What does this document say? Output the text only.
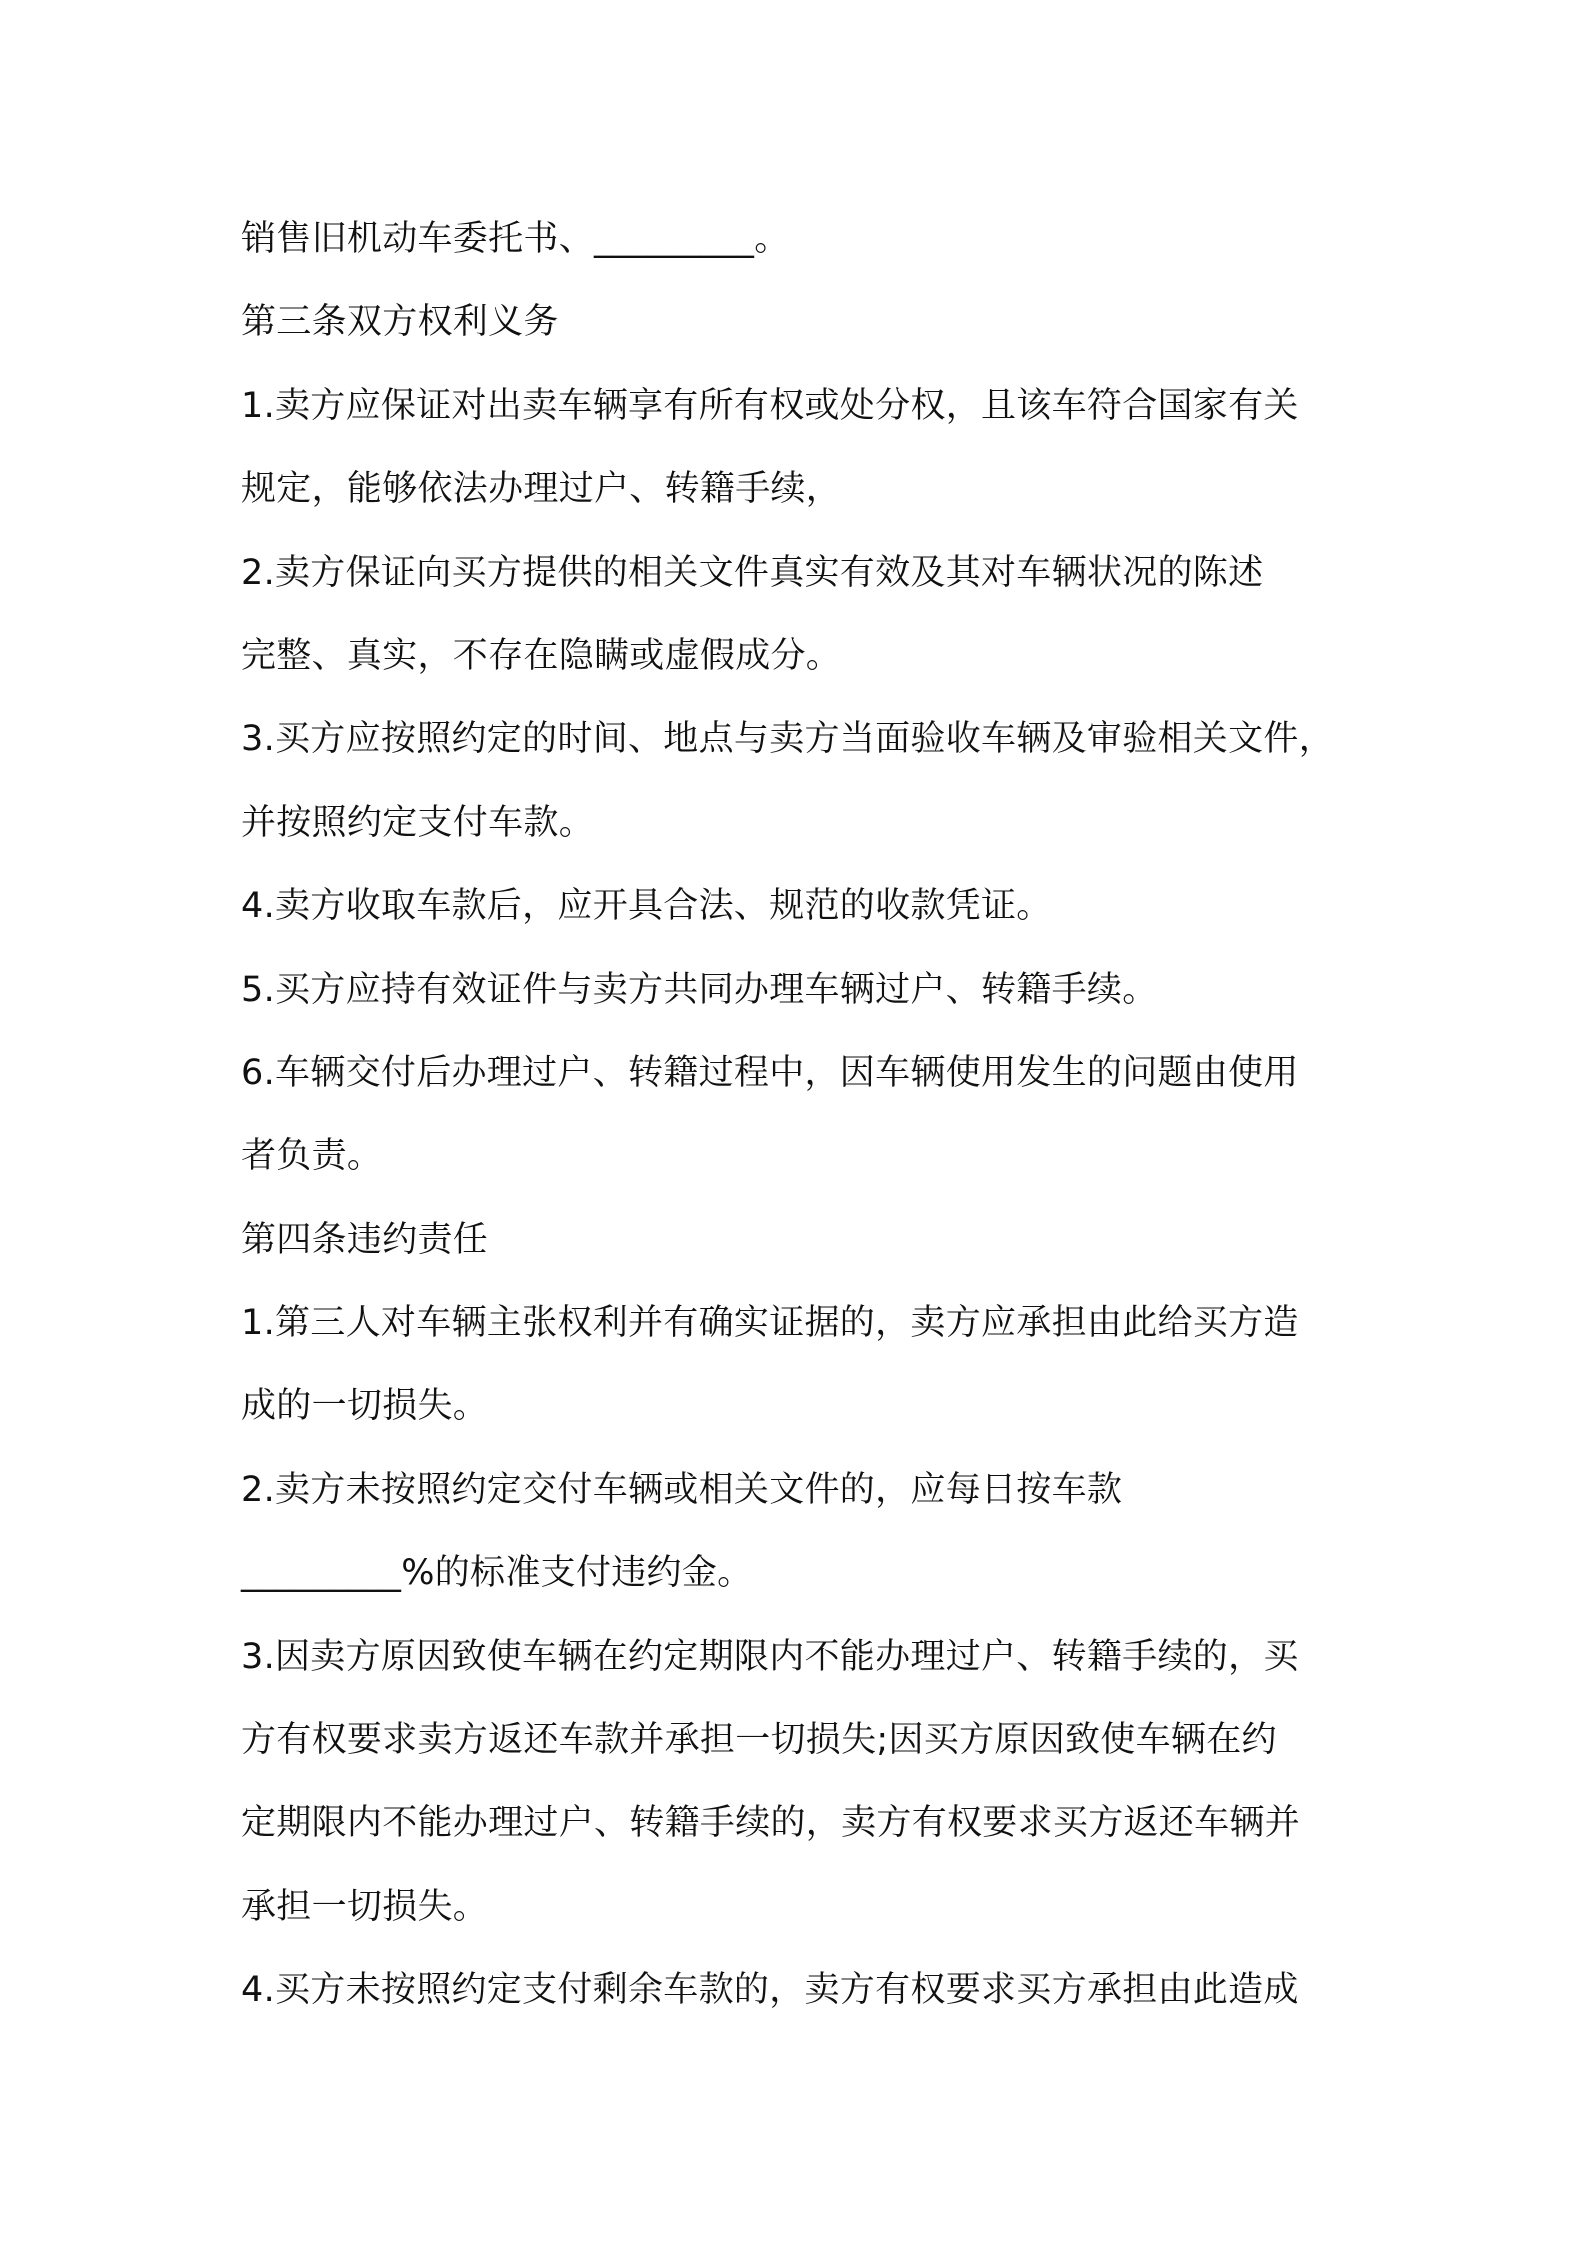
销售旧机动车委托书、_________。
第三条双方权利义务
1.卖方应保证对出卖车辆享有所有权或处分权，且该车符合国家有关
规定，能够依法办理过户、转籍手续，
2.卖方保证向买方提供的相关文件真实有效及其对车辆状况的陈述
完整、真实，不存在隐瞒或虚假成分。
3.买方应按照约定的时间、地点与卖方当面验收车辆及审验相关文件，
并按照约定支付车款。
4.卖方收取车款后，应开具合法、规范的收款凭证。
5.买方应持有效证件与卖方共同办理车辆过户、转籍手续。
6.车辆交付后办理过户、转籍过程中，因车辆使用发生的问题由使用
者负责。
第四条违约责任
1.第三人对车辆主张权利并有确实证据的，卖方应承担由此给买方造
成的一切损失。
2.卖方未按照约定交付车辆或相关文件的，应每日按车款
_________%的标准支付违约金。
3.因卖方原因致使车辆在约定期限内不能办理过户、转籍手续的，买
方有权要求卖方返还车款并承担一切损失;因买方原因致使车辆在约
定期限内不能办理过户、转籍手续的，卖方有权要求买方返还车辆并
承担一切损失。
4.买方未按照约定支付剩余车款的，卖方有权要求买方承担由此造成
